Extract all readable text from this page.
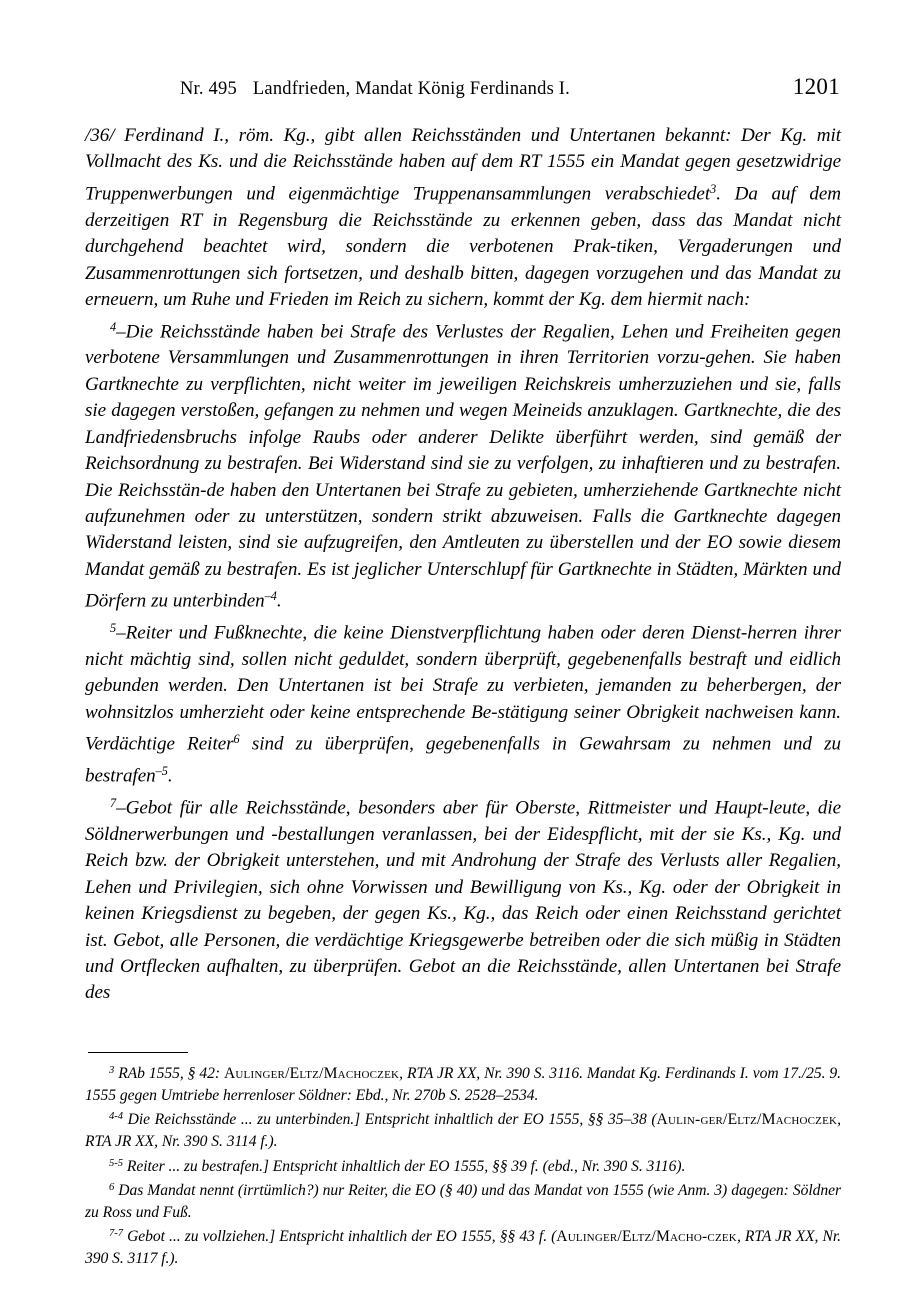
Nr. 495 Landfrieden, Mandat König Ferdinands I.	1201

/36/ Ferdinand I., röm. Kg., gibt allen Reichsständen und Untertanen bekannt: Der Kg. mit Vollmacht des Ks. und die Reichsstände haben auf dem RT 1555 ein Mandat gegen gesetzwidrige Truppenwerbungen und eigenmächtige Truppenansammlungen verabschiedet$^3$. Da auf dem derzeitigen RT in Regensburg die Reichsstände zu erkennen geben, dass das Mandat nicht durchgehend beachtet wird, sondern die verbotenen Prak-tiken, Vergaderungen und Zusammenrottungen sich fortsetzen, und deshalb bitten, dagegen vorzugehen und das Mandat zu erneuern, um Ruhe und Frieden im Reich zu sichern, kommt der Kg. dem hiermit nach:

$^4$–Die Reichsstände haben bei Strafe des Verlustes der Regalien, Lehen und Freiheiten gegen verbotene Versammlungen und Zusammenrottungen in ihren Territorien vorzu-gehen. Sie haben Gartknechte zu verpflichten, nicht weiter im jeweiligen Reichskreis umherzuziehen und sie, falls sie dagegen verstoßen, gefangen zu nehmen und wegen Meineids anzuklagen. Gartknechte, die des Landfriedensbruchs infolge Raubs oder anderer Delikte überführt werden, sind gemäß der Reichsordnung zu bestrafen. Bei Widerstand sind sie zu verfolgen, zu inhaftieren und zu bestrafen. Die Reichsstän-de haben den Untertanen bei Strafe zu gebieten, umherziehende Gartknechte nicht aufzunehmen oder zu unterstützen, sondern strikt abzuweisen. Falls die Gartknechte dagegen Widerstand leisten, sind sie aufzugreifen, den Amtleuten zu überstellen und der EO sowie diesem Mandat gemäß zu bestrafen. Es ist jeglicher Unterschlupf für Gartknechte in Städten, Märkten und Dörfern zu unterbinden$^{-4}$.

$^5$–Reiter und Fußknechte, die keine Dienstverpflichtung haben oder deren Dienst-herren ihrer nicht mächtig sind, sollen nicht geduldet, sondern überprüft, gegebenenfalls bestraft und eidlich gebunden werden. Den Untertanen ist bei Strafe zu verbieten, jemanden zu beherbergen, der wohnsitzlos umherzieht oder keine entsprechende Be-stätigung seiner Obrigkeit nachweisen kann. Verdächtige Reiter$^6$ sind zu überprüfen, gegebenenfalls in Gewahrsam zu nehmen und zu bestrafen$^{-5}$.

$^7$–Gebot für alle Reichsstände, besonders aber für Oberste, Rittmeister und Haupt-leute, die Söldnerwerbungen und -bestallungen veranlassen, bei der Eidespflicht, mit der sie Ks., Kg. und Reich bzw. der Obrigkeit unterstehen, und mit Androhung der Strafe des Verlusts aller Regalien, Lehen und Privilegien, sich ohne Vorwissen und Bewilligung von Ks., Kg. oder der Obrigkeit in keinen Kriegsdienst zu begeben, der gegen Ks., Kg., das Reich oder einen Reichsstand gerichtet ist. Gebot, alle Personen, die verdächtige Kriegsgewerbe betreiben oder die sich müßig in Städten und Ortflecken aufhalten, zu überprüfen. Gebot an die Reichsstände, allen Untertanen bei Strafe des

$^3$ RAb 1555, § 42: Aulinger/Eltz/Machoczek, RTA JR XX, Nr. 390 S. 3116. Mandat Kg. Ferdinands I. vom 17./25. 9. 1555 gegen Umtriebe herrenloser Söldner: Ebd., Nr. 270b S. 2528–2534.

$^{4-4}$ Die Reichsstände ... zu unterbinden.] Entspricht inhaltlich der EO 1555, §§ 35–38 (Aulin-ger/Eltz/Machoczek, RTA JR XX, Nr. 390 S. 3114 f.).

$^{5-5}$ Reiter ... zu bestrafen.] Entspricht inhaltlich der EO 1555, §§ 39 f. (ebd., Nr. 390 S. 3116).

$^6$ Das Mandat nennt (irrtümlich?) nur Reiter, die EO (§ 40) und das Mandat von 1555 (wie Anm. 3) dagegen: Söldner zu Ross und Fuß.

$^{7-7}$ Gebot ... zu vollziehen.] Entspricht inhaltlich der EO 1555, §§ 43 f. (Aulinger/Eltz/Macho-czek, RTA JR XX, Nr. 390 S. 3117 f.).
